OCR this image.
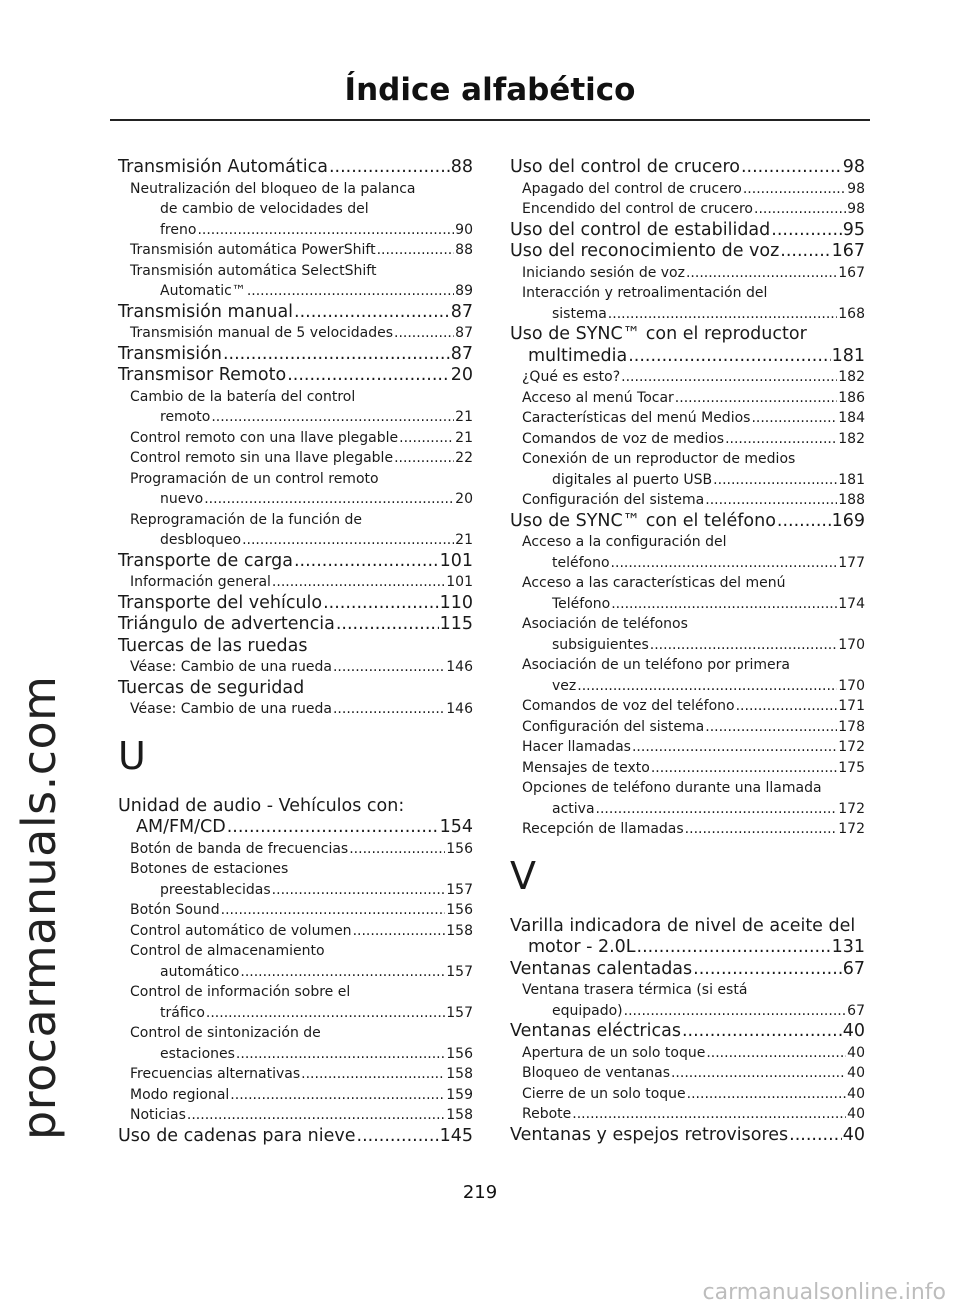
procarmanuals.com
Índice alfabético
Transmisión Automática .....	88
Neutralización del bloqueo de la palanca
de cambio de velocidades del
freno .....	90
Transmisión automática PowerShift .....	88
Transmisión automática SelectShift
Automatic™ .....	89
Transmisión manual .....	87
Transmisión manual de 5 velocidades .....	87
Transmisión .....	87
Transmisor Remoto .....	20
Cambio de la batería del control
remoto .....	21
Control remoto con una llave plegable .....	21
Control remoto sin una llave plegable .....	22
Programación de un control remoto
nuevo .....	20
Reprogramación de la función de
desbloqueo .....	21
Transporte de carga .....	101
Información general .....	101
Transporte del vehículo .....	110
Triángulo de advertencia .....	115
Tuercas de las ruedas
Véase: Cambio de una rueda .....	146
Tuercas de seguridad
Véase: Cambio de una rueda .....	146
U
Unidad de audio - Vehículos con:
AM/FM/CD .....	154
Botón de banda de frecuencias .....	156
Botones de estaciones
preestablecidas .....	157
Botón Sound .....	156
Control automático de volumen .....	158
Control de almacenamiento
automático .....	157
Control de información sobre el
tráfico .....	157
Control de sintonización de
estaciones .....	156
Frecuencias alternativas .....	158
Modo regional .....	159
Noticias .....	158
Uso de cadenas para nieve .....	145
Uso del control de crucero .....	98
Apagado del control de crucero .....	98
Encendido del control de crucero .....	98
Uso del control de estabilidad .....	95
Uso del reconocimiento de voz .....	167
Iniciando sesión de voz .....	167
Interacción y retroalimentación del
sistema .....	168
Uso de SYNC™ con el reproductor
multimedia .....	181
¿Qué es esto? .....	182
Acceso al menú Tocar .....	186
Características del menú Medios .....	184
Comandos de voz de medios .....	182
Conexión de un reproductor de medios
digitales al puerto USB .....	181
Configuración del sistema .....	188
Uso de SYNC™ con el teléfono .....	169
Acceso a la configuración del
teléfono .....	177
Acceso a las características del menú
Teléfono .....	174
Asociación de teléfonos
subsiguientes .....	170
Asociación de un teléfono por primera
vez .....	170
Comandos de voz del teléfono .....	171
Configuración del sistema .....	178
Hacer llamadas .....	172
Mensajes de texto .....	175
Opciones de teléfono durante una llamada
activa .....	172
Recepción de llamadas .....	172
V
Varilla indicadora de nivel de aceite del
motor - 2.0L .....	131
Ventanas calentadas .....	67
Ventana trasera térmica (si está
equipado) .....	67
Ventanas eléctricas .....	40
Apertura de un solo toque .....	40
Bloqueo de ventanas .....	40
Cierre de un solo toque .....	40
Rebote .....	40
Ventanas y espejos retrovisores .....	40
219
carmanualsonline.info
